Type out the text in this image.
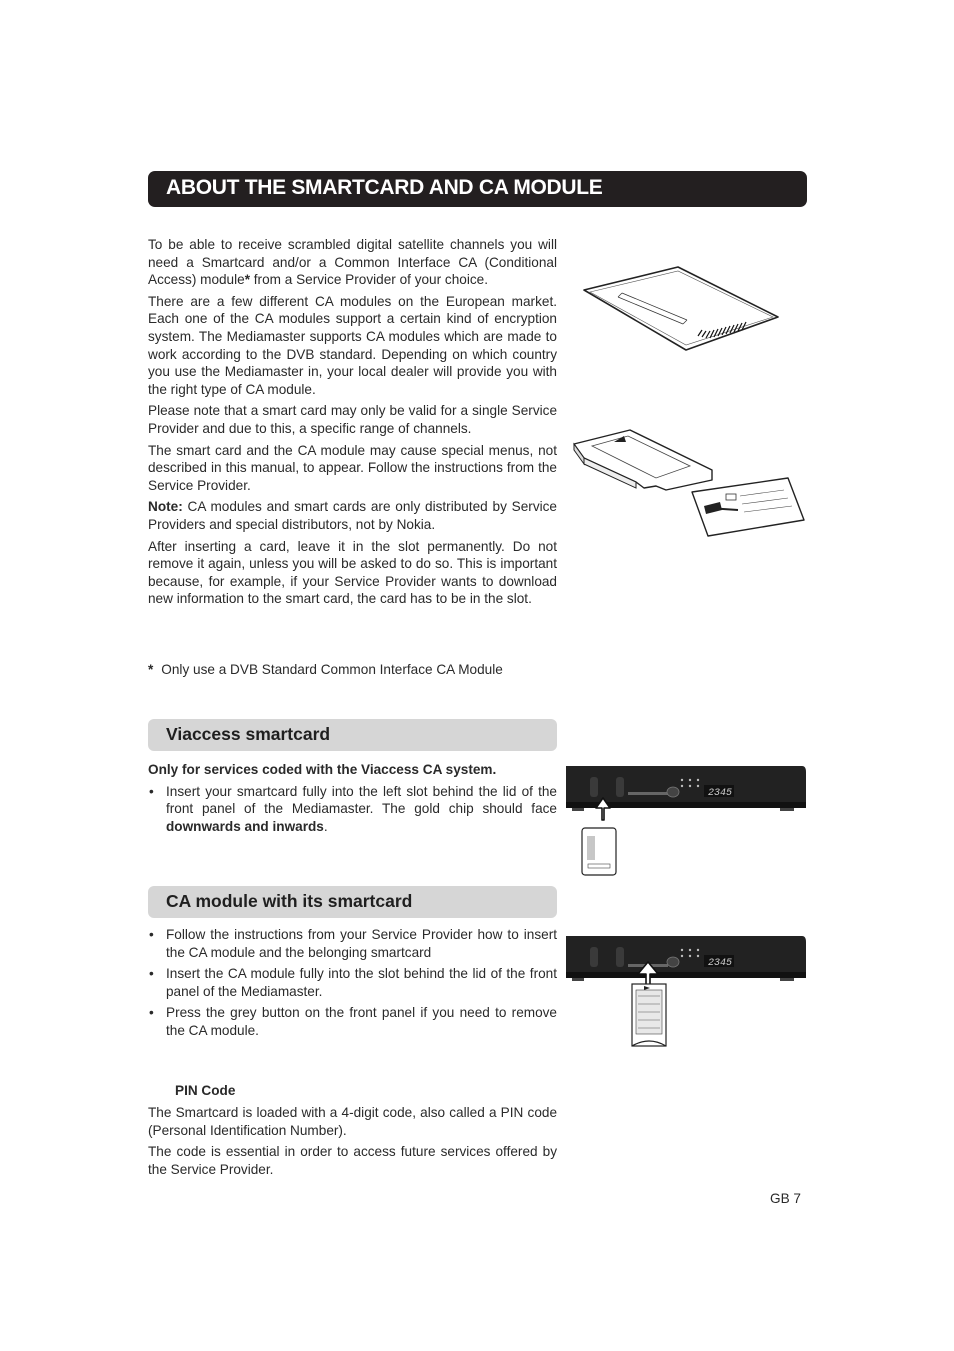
ABOUT THE SMARTCARD AND CA MODULE

To be able to receive scrambled digital satellite channels you will need a Smartcard and/or a Common Interface CA (Conditional Access) module* from a Service Provider of your choice.

There are a few different CA modules on the European market. Each one of the CA modules support a certain kind of encryption system. The Mediamaster supports CA modules which are made to work according to the DVB standard. Depending on which country you use the Mediamaster in, your local dealer will provide you with the right type of CA module.

Please note that a smart card may only be valid for a single Service Provider and due to this, a specific range of channels.

The smart card and the CA module may cause special menus, not described in this manual, to appear. Follow the instructions from the Service Provider.

Note: CA modules and smart cards are only distributed by Service Providers and special distributors, not by Nokia.

After inserting a card, leave it in the slot permanently. Do not remove it again, unless you will be asked to do so. This is important because, for example, if your Service Provider wants to download new information to the smart card, the card has to be in the slot.

* Only use a DVB Standard Common Interface CA Module
Viaccess smartcard

Only for services coded with the Viaccess CA system.

• Insert your smartcard fully into the left slot behind the lid of the front panel of the Mediamaster. The gold chip should face downwards and inwards.
2345
CA module with its smartcard
• Follow the instructions from your Service Provider how to insert the CA module and the belonging smartcard
• Insert the CA module fully into the slot behind the lid of the front panel of the Mediamaster.
• Press the grey button on the front panel if you need to remove the CA module.
2345

PIN Code

The Smartcard is loaded with a 4-digit code, also called a PIN code (Personal Identification Number).

The code is essential in order to access future services offered by the Service Provider.

GB 7
